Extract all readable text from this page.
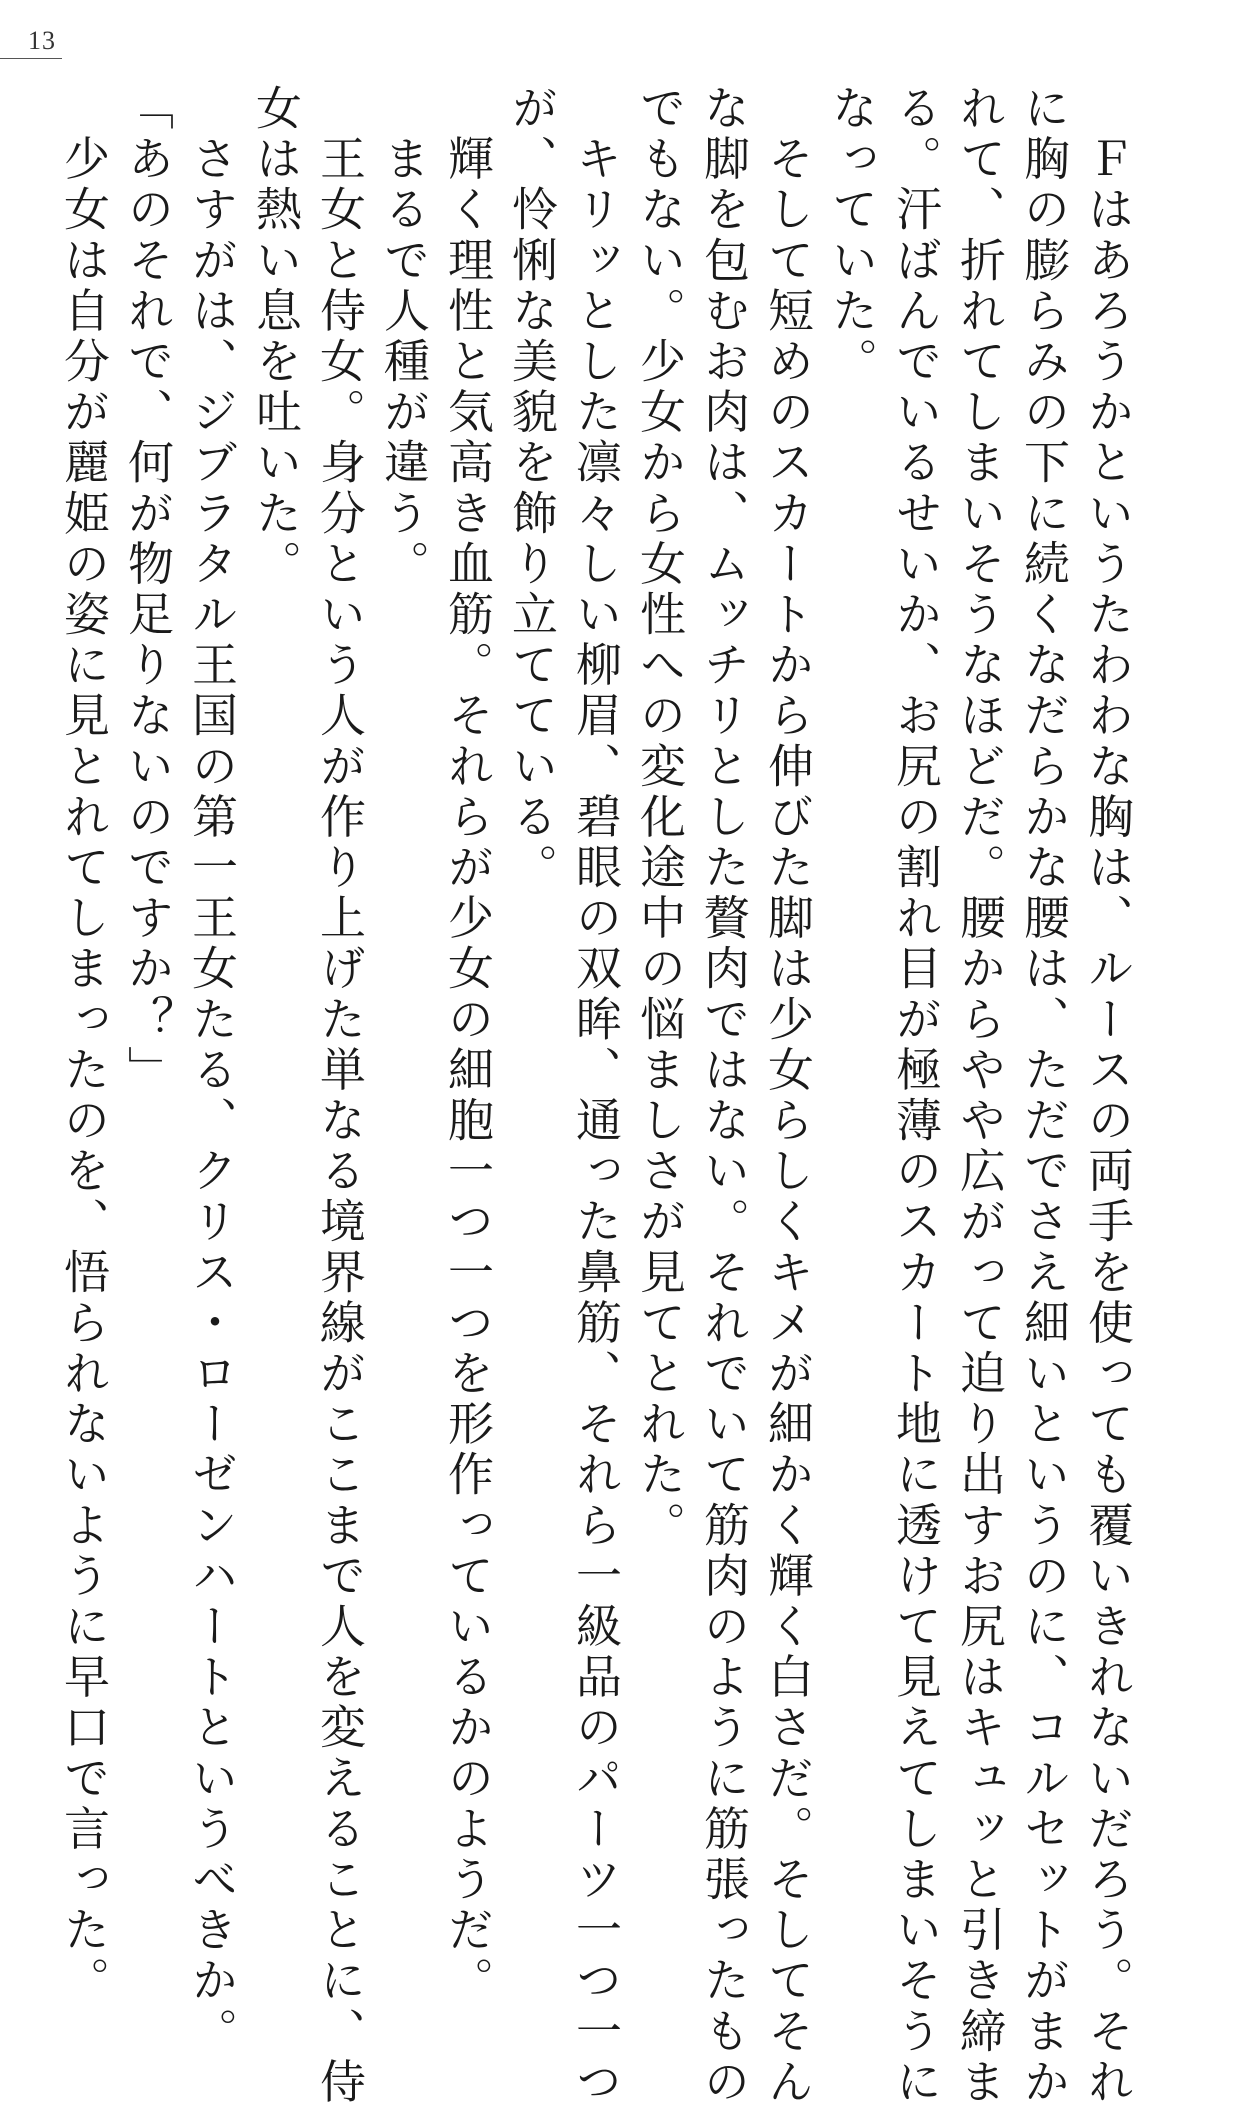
13
　Ｆはあろうかというたわわな胸は、ルースの両手を使っても覆いきれないだろう。それ
に胸の膨らみの下に続くなだらかな腰は、ただでさえ細いというのに、コルセットがまか
れて、折れてしまいそうなほどだ。腰からやや広がって迫り出すお尻はキュッと引き締ま
る。汗ばんでいるせいか、お尻の割れ目が極薄のスカート地に透けて見えてしまいそうに
なっていた。
　そして短めのスカートから伸びた脚は少女らしくキメが細かく輝く白さだ。そしてそん
な脚を包むお肉は、ムッチリとした贅肉ではない。それでいて筋肉のように筋張ったもの
でもない。少女から女性への変化途中の悩ましさが見てとれた。
　キリッとした凛々しい柳眉、碧眼の双眸、通った鼻筋、それら一級品のパーツ一つ一つ
が、怜悧な美貌を飾り立てている。
　輝く理性と気高き血筋。それらが少女の細胞一つ一つを形作っているかのようだ。
　まるで人種が違う。
　王女と侍女。身分という人が作り上げた単なる境界線がここまで人を変えることに、侍
女は熱い息を吐いた。
　さすがは、ジブラタル王国の第一王女たる、クリス・ローゼンハートというべきか。
「あのそれで、何が物足りないのですか？」
　少女は自分が麗姫の姿に見とれてしまったのを、悟られないように早口で言った。
